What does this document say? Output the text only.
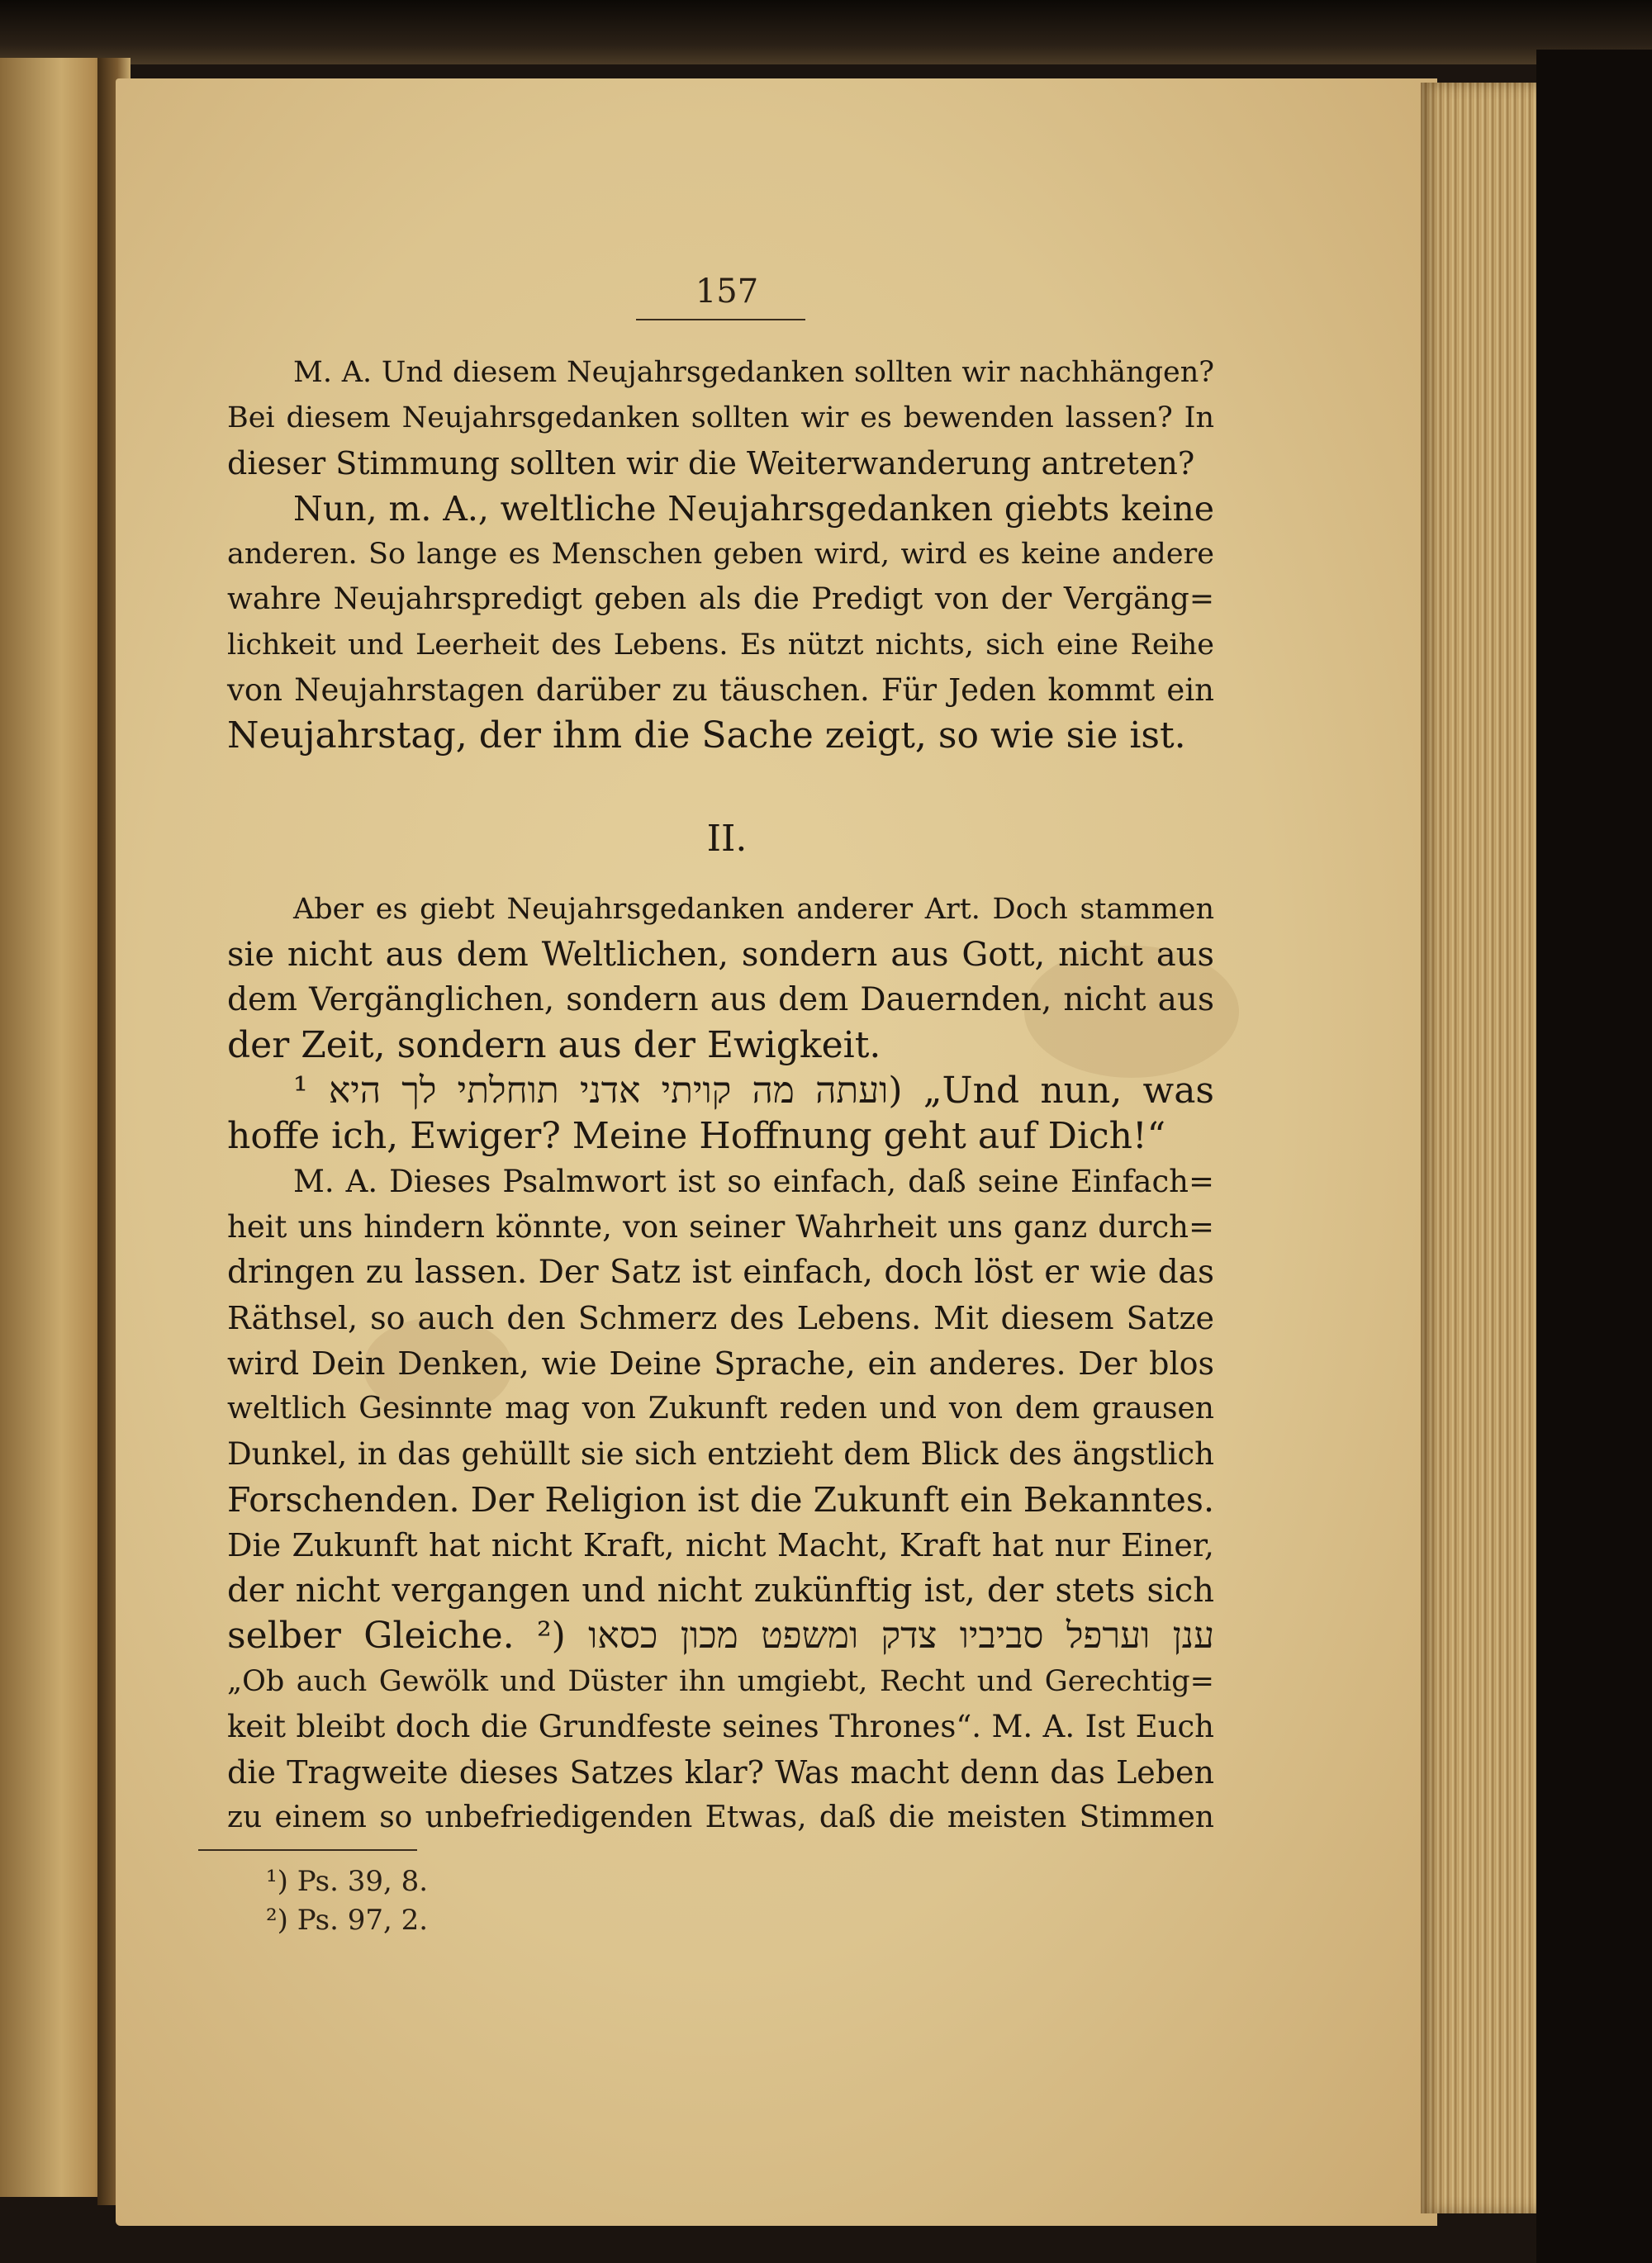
157
M. A. Und diesem Neujahrsgedanken sollten wir nachhängen?
Bei diesem Neujahrsgedanken sollten wir es bewenden lassen? In
dieser Stimmung sollten wir die Weiterwanderung antreten?
Nun, m. A., weltliche Neujahrsgedanken giebts keine
anderen. So lange es Menschen geben wird, wird es keine andere
wahre Neujahrspredigt geben als die Predigt von der Vergäng=
lichkeit und Leerheit des Lebens. Es nützt nichts, sich eine Reihe
von Neujahrstagen darüber zu täuschen. Für Jeden kommt ein
Neujahrstag, der ihm die Sache zeigt, so wie sie ist.
II.
Aber es giebt Neujahrsgedanken anderer Art. Doch stammen
sie nicht aus dem Weltlichen, sondern aus Gott, nicht aus
dem Vergänglichen, sondern aus dem Dauernden, nicht aus
der Zeit, sondern aus der Ewigkeit.
ועתה מה קויתי אדני תוחלתי לך היא ¹) „Und nun, was
hoffe ich, Ewiger? Meine Hoffnung geht auf Dich!“
M. A. Dieses Psalmwort ist so einfach, daß seine Einfach=
heit uns hindern könnte, von seiner Wahrheit uns ganz durch=
dringen zu lassen. Der Satz ist einfach, doch löst er wie das
Räthsel, so auch den Schmerz des Lebens. Mit diesem Satze
wird Dein Denken, wie Deine Sprache, ein anderes. Der blos
weltlich Gesinnte mag von Zukunft reden und von dem grausen
Dunkel, in das gehüllt sie sich entzieht dem Blick des ängstlich
Forschenden. Der Religion ist die Zukunft ein Bekanntes.
Die Zukunft hat nicht Kraft, nicht Macht, Kraft hat nur Einer,
der nicht vergangen und nicht zukünftig ist, der stets sich
selber Gleiche. ²) ענן וערפל סביביו צדק ומשפט מכון כסאו
„Ob auch Gewölk und Düster ihn umgiebt, Recht und Gerechtig=
keit bleibt doch die Grundfeste seines Thrones“. M. A. Ist Euch
die Tragweite dieses Satzes klar? Was macht denn das Leben
zu einem so unbefriedigenden Etwas, daß die meisten Stimmen
¹) Ps. 39, 8.
²) Ps. 97, 2.
